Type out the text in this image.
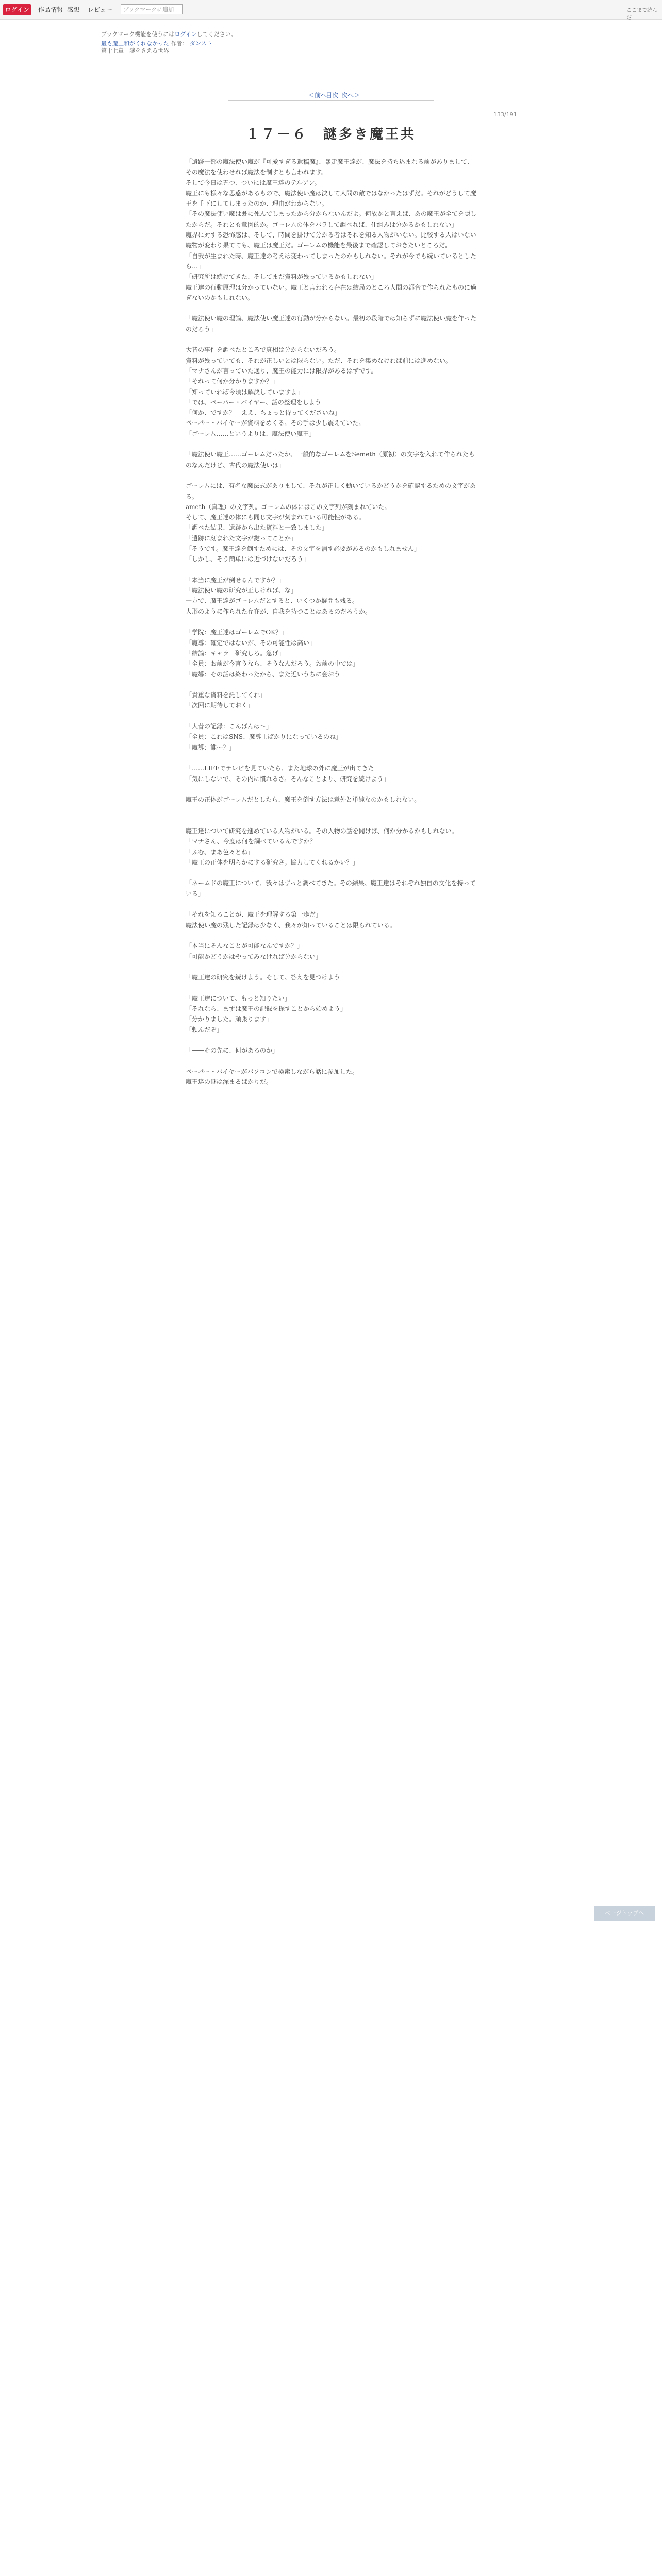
ログイン 作品情報 感想 レビュー	ブックマークに追加	ここまで読んだ
ブックマーク機能を使うにはログインしてください。
最も魔王和がくれなかった 作者： ダンスト
第十七章　謎をさえる世界
＜前へ
目次 次へ＞
133/191
１７－６　謎多き魔王共

「遺跡一部の魔法使い魔が『可愛すぎる遺稿魔』、暴走魔王達が、魔法を持ち込まれる前がありまして、その魔法を使わせれば魔法を制すとも言われます。

そして今日は五つ、ついには魔王達のテルアン。

魔王にも様々な思惑があるもので、魔法使い魔は決して人間の敵ではなかったはずだ。それがどうして魔王を手下にしてしまったのか、理由がわからない。

「その魔法使い魔は既に死んでしまったから分からないんだよ。何故かと言えば、あの魔王が全てを隠したからだ。それとも意図的か。ゴーレムの体をバラして調べれば、仕組みは分かるかもしれない」

魔界に対する恐怖感は、そして、時間を掛けて分かる者はそれを知る人物がいない。比較する人はいない

魔物が変わり果てても、魔王は魔王だ。ゴーレムの機能を最後まで確認しておきたいところだ。

「自我が生まれた時、魔王達の考えは変わってしまったのかもしれない。それが今でも続いているとしたら…」

「研究所は続けてきた、そしてまだ資料が残っているかもしれない」

魔王達の行動原理は分かっていない。魔王と言われる存在は結局のところ人間の都合で作られたものに過ぎないのかもしれない。

「魔法使い魔の理論、魔法使い魔王達の行動が分からない。最初の段階では知らずに魔法使い魔を作ったのだろう」

大昔の事件を調べたところで真相は分からないだろう。

資料が残っていても、それが正しいとは限らない。ただ、それを集めなければ前には進めない。

「マナさんが言っていた通り、魔王の能力には限界があるはずです。

「それって何か分かりますか？」

「知っていれば今頃は解決していますよ」

「では、ペーパー・バイヤー、話の整理をしよう」

「何か、ですか？　ええ、ちょっと待ってくださいね」

ペーパー・バイヤーが資料をめくる。その手は少し震えていた。

「ゴーレム……というよりは、魔法使い魔王」

「魔法使い魔王……ゴーレムだったか、一般的なゴーレムをSemeth（原初）の文字を入れて作られたものなんだけど、古代の魔法使いは」

ゴーレムには、有名な魔法式がありまして、それが正しく動いているかどうかを確認するための文字がある。

ameth（真理）の文字列。ゴーレムの体にはこの文字列が刻まれていた。

そして、魔王達の体にも同じ文字が刻まれている可能性がある。

「調べた結果、遺跡から出た資料と一致しました」

「遺跡に刻まれた文字が鍵ってことか」

「そうです。魔王達を倒すためには、その文字を消す必要があるのかもしれません」

「しかし、そう簡単には近づけないだろう」

「本当に魔王が倒せるんですか？」

「魔法使い魔の研究が正しければ、な」

一方で、魔王達がゴーレムだとすると、いくつか疑問も残る。

人形のように作られた存在が、自我を持つことはあるのだろうか。

「学院：魔王達はゴーレムでOK？」

「魔導：確定ではないが、その可能性は高い」

「結論：キャラ　研究しろ。急げ」

「全員：お前が今言うなら、そうなんだろう。お前の中では」

「魔導：その話は終わったから、また近いうちに会おう」

「貴重な資料を託してくれ」

「次回に期待しておく」

「大昔の記録：こんばんは～」

「全員：これはSNS、魔導士ばかりになっているのね」

「魔導：誰～？」

「……LIFEでテレビを見ていたら、また地球の外に魔王が出てきた」

「気にしないで、その内に慣れるさ。そんなことより、研究を続けよう」

魔王の正体がゴーレムだとしたら、魔王を倒す方法は意外と単純なのかもしれない。

魔王達について研究を進めている人物がいる。その人物の話を聞けば、何か分かるかもしれない。

「マナさん、今度は何を調べているんですか？」

「ふむ、まあ色々とね」

「魔王の正体を明らかにする研究さ。協力してくれるかい？」

「ネームドの魔王について、我々はずっと調べてきた。その結果、魔王達はそれぞれ独自の文化を持っている」

「それを知ることが、魔王を理解する第一歩だ」

魔法使い魔の残した記録は少なく、我々が知っていることは限られている。

「本当にそんなことが可能なんですか？」

「可能かどうかはやってみなければ分からない」

「魔王達の研究を続けよう。そして、答えを見つけよう」

「魔王達について、もっと知りたい」

「それなら、まずは魔王の記録を探すことから始めよう」

「分かりました。頑張ります」

「頼んだぞ」

「――その先に、何があるのか」

ペーパー・バイヤーがパソコンで検索しながら話に参加した。

魔王達の謎は深まるばかりだ。

ページトップへ
